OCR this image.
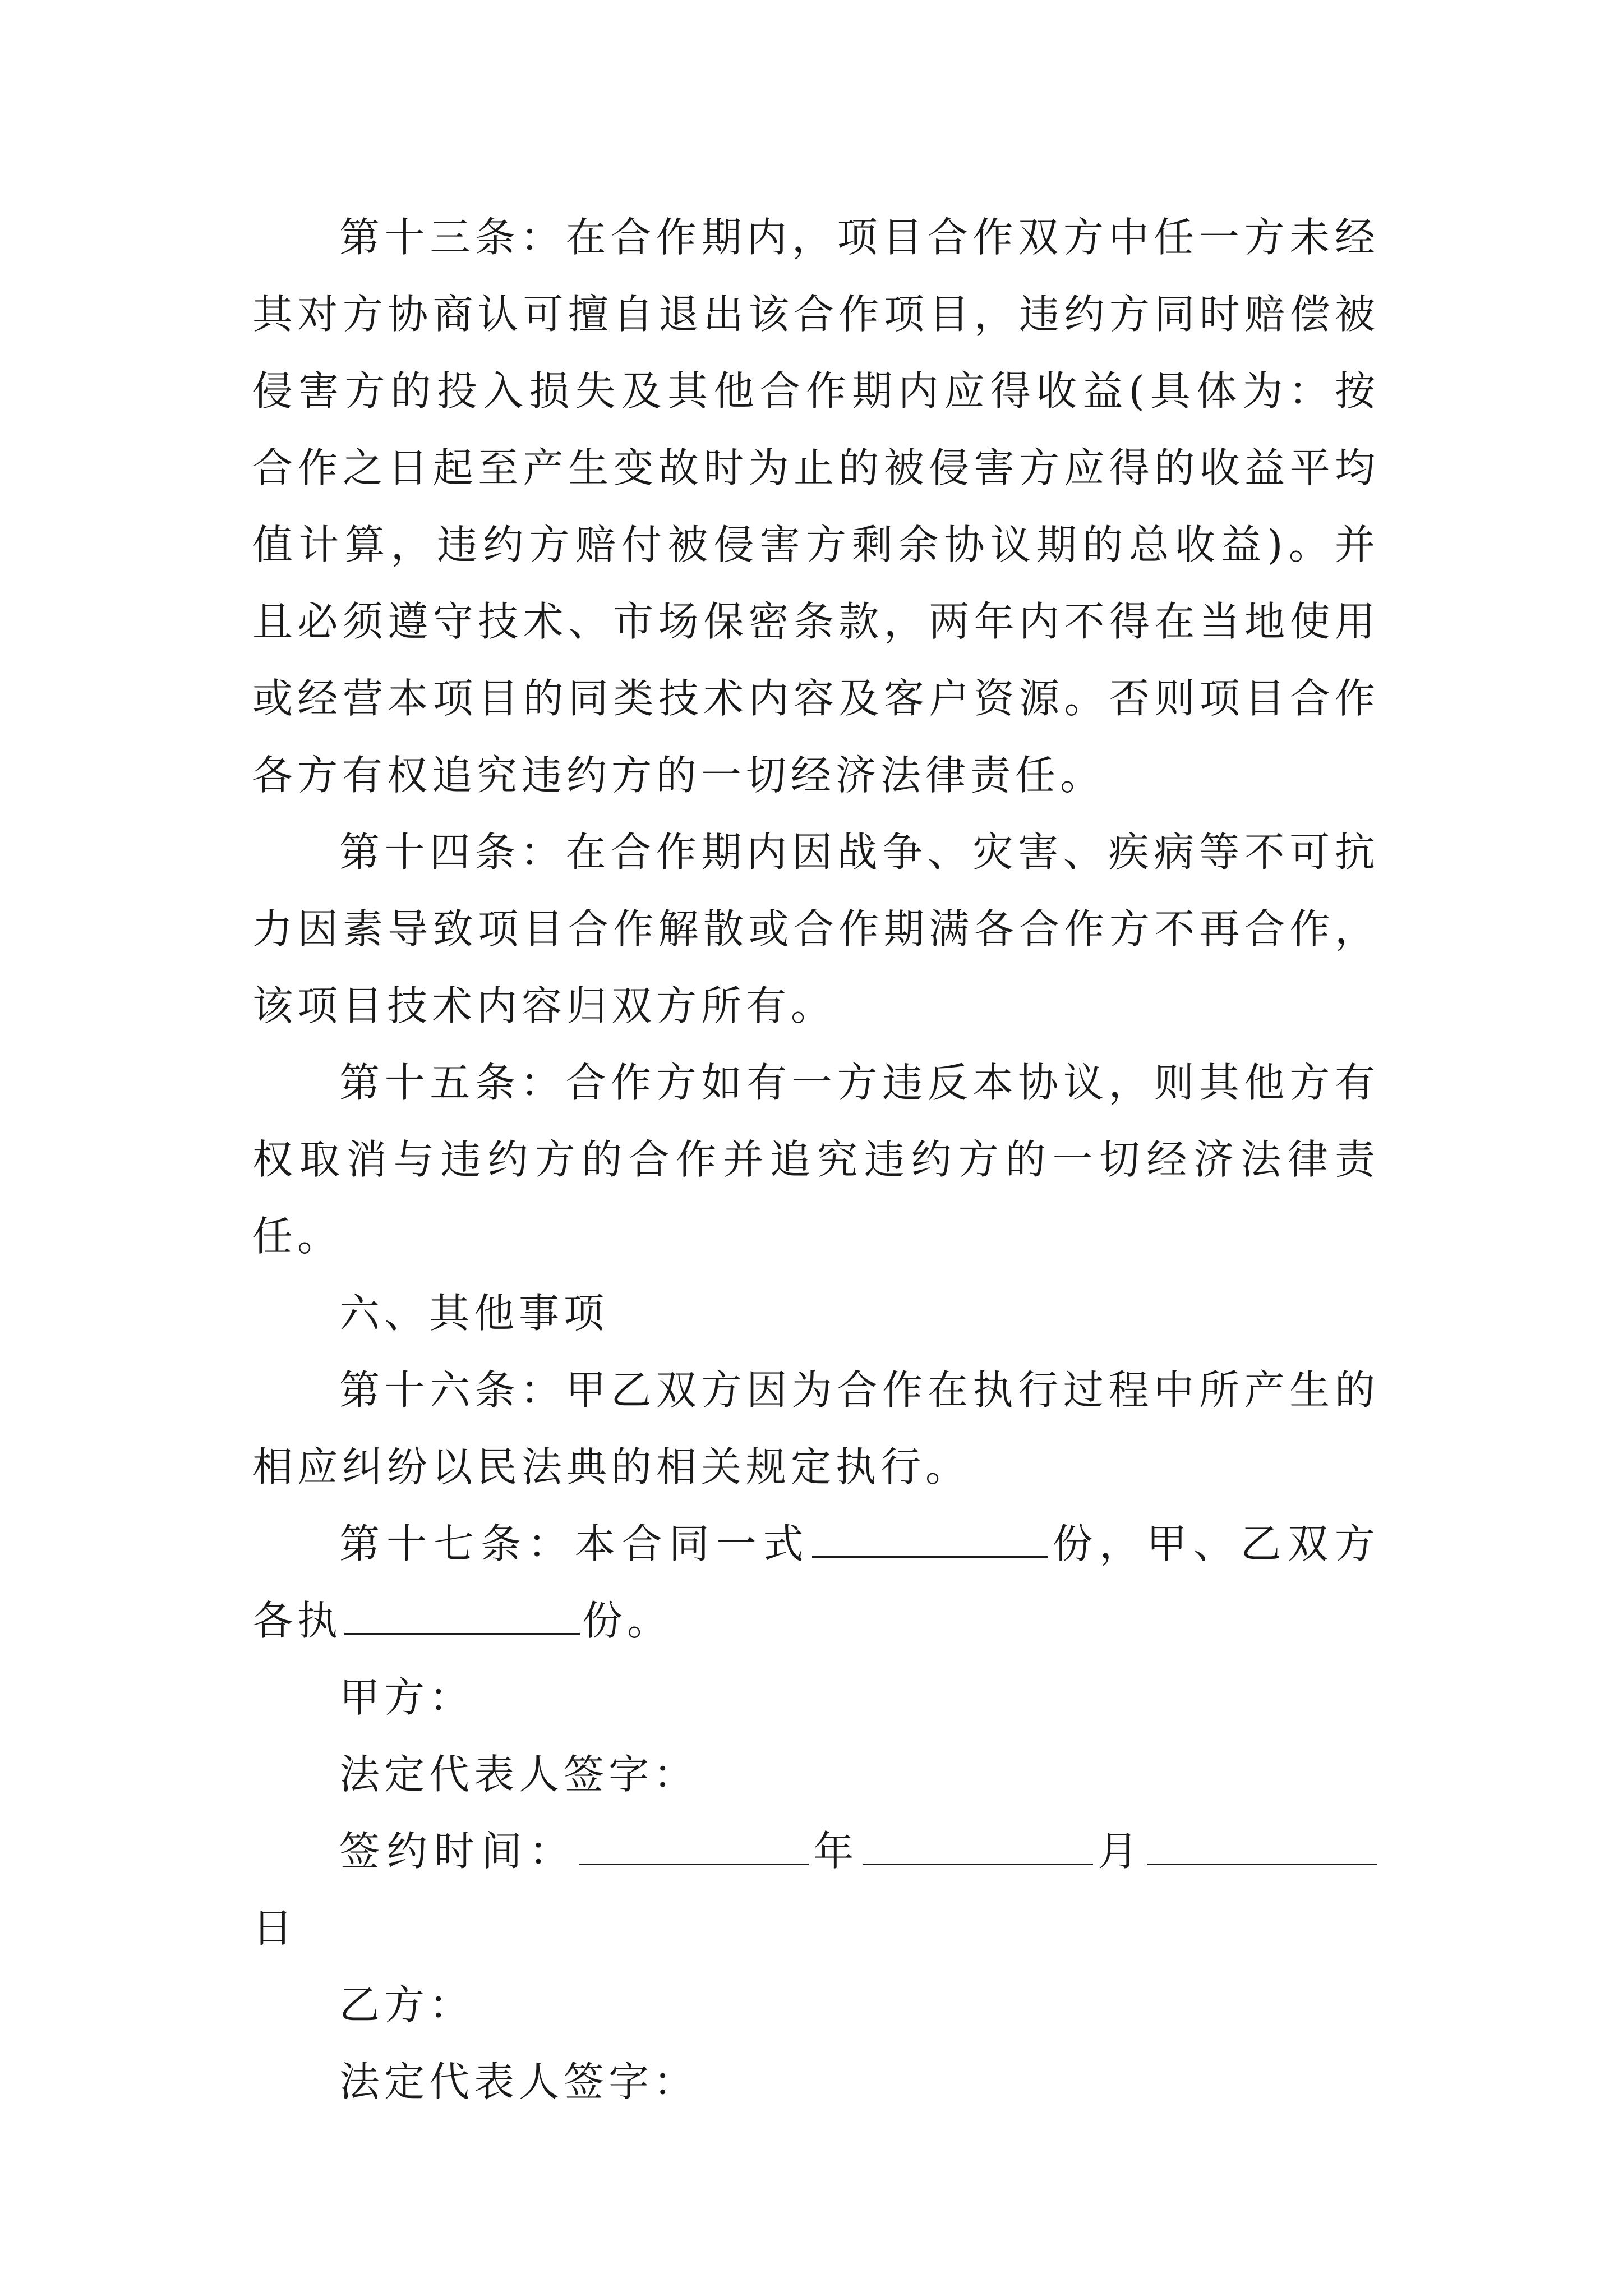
第十三条：在合作期内，项目合作双方中任一方未经其对方协商认可擅自退出该合作项目，违约方同时赔偿被侵害方的投入损失及其他合作期内应得收益(具体为：按合作之日起至产生变故时为止的被侵害方应得的收益平均值计算，违约方赔付被侵害方剩余协议期的总收益)。并且必须遵守技术、市场保密条款，两年内不得在当地使用或经营本项目的同类技术内容及客户资源。否则项目合作各方有权追究违约方的一切经济法律责任。

第十四条：在合作期内因战争、灾害、疾病等不可抗力因素导致项目合作解散或合作期满各合作方不再合作，该项目技术内容归双方所有。

第十五条：合作方如有一方违反本协议，则其他方有权取消与违约方的合作并追究违约方的一切经济法律责任。

六、其他事项

第十六条：甲乙双方因为合作在执行过程中所产生的相应纠纷以民法典的相关规定执行。

第十七条：本合同一式	份，甲、乙双方各执	份。

甲方：

法定代表人签字：

签约时间：	年	月日

乙方：

法定代表人签字：
